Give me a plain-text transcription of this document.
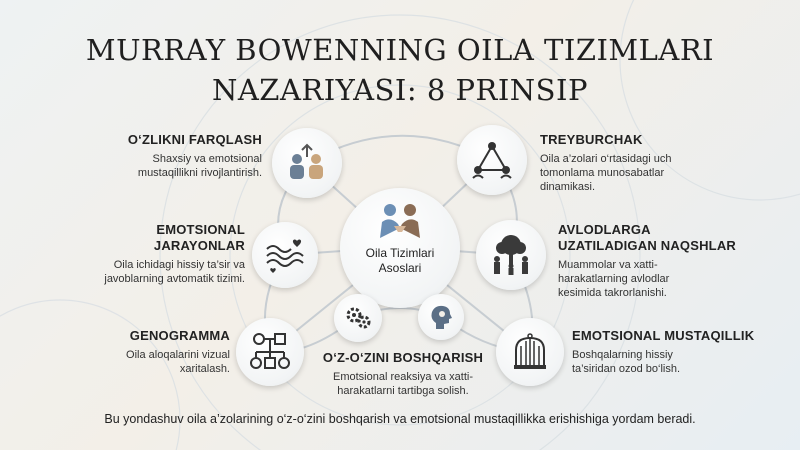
MURRAY BOWENNING OILA TIZIMLARI
NAZARIYASI: 8 PRINSIP
Oila Tizimlari
Asoslari
O‘ZLIKNI FARQLASH

Shaxsiy va emotsional

mustaqillikni rivojlantirish.

TREYBURCHAK

Oila a’zolari o‘rtasidagi uch

tomonlama munosabatlar

dinamikasi.

EMOTSIONAL
JARAYONLAR

Oila ichidagi hissiy ta’sir va

javoblarning avtomatik tizimi.

AVLODLARGA
UZATILADIGAN NAQSHLAR

Muammolar va xatti-

harakatlarning avlodlar

kesimida takrorlanishi.

GENOGRAMMA

Oila aloqalarini vizual

xaritalash.

O‘Z-O‘ZINI BOSHQARISH

Emotsional reaksiya va xatti-

harakatlarni tartibga solish.

EMOTSIONAL MUSTAQILLIK

Boshqalarning hissiy

ta’siridan ozod bo‘lish.

Bu yondashuv oila a’zolarining o‘z-o‘zini boshqarish va emotsional mustaqillikka erishishiga yordam beradi.
